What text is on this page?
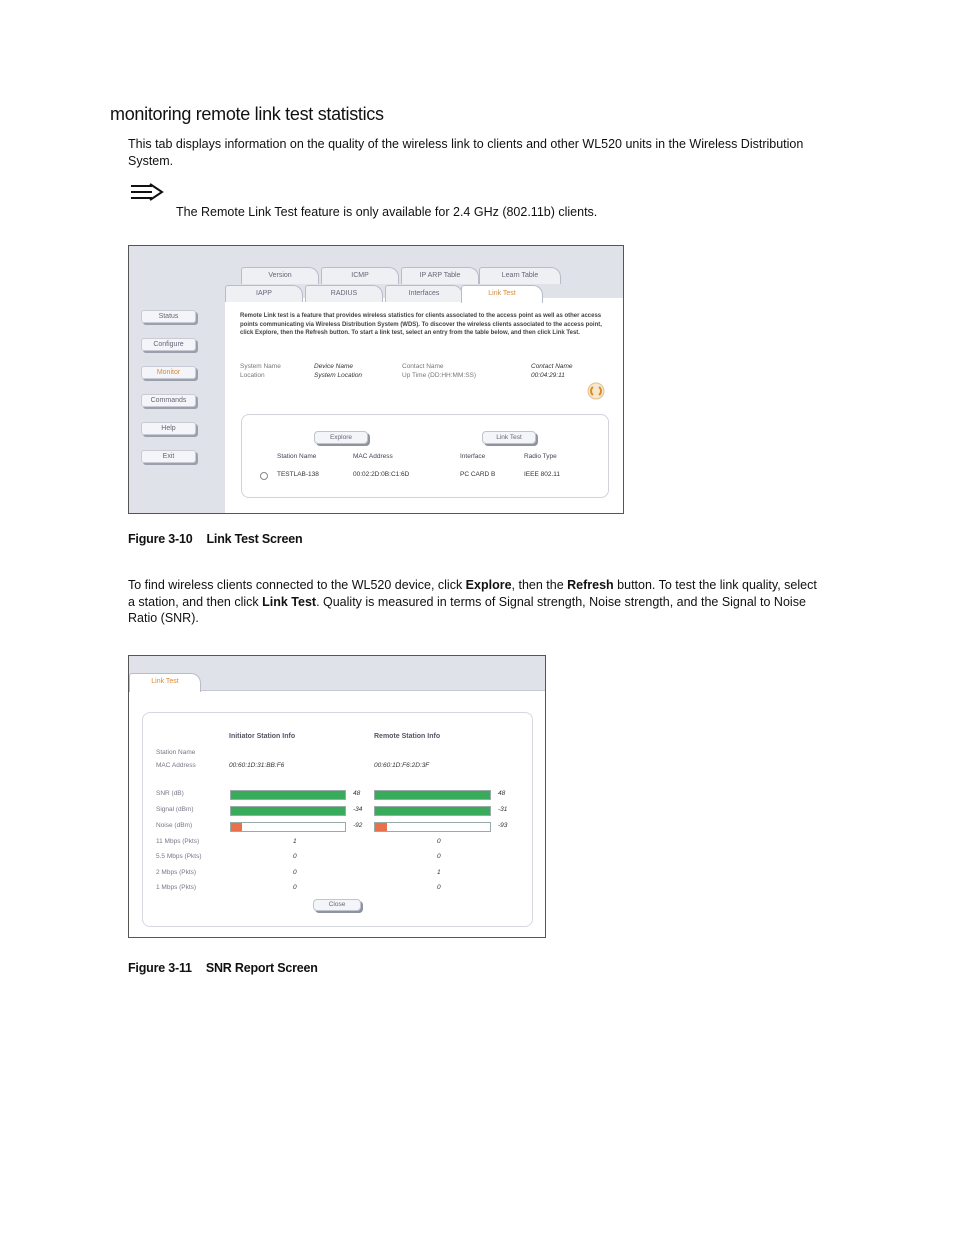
monitoring remote link test statistics
This tab displays information on the quality of the wireless link to clients and other WL520 units in the Wireless Distribution System.
The Remote Link Test feature is only available for 2.4 GHz (802.11b) clients.
Version	ICMP	IP ARP Table	Learn Table
IAPP	RADIUS	Interfaces	Link Test
Status
Configure
Monitor
Commands
Help
Exit
Remote Link test is a feature that provides wireless statistics for clients associated to the access point as well as other access points communicating via Wireless Distribution System (WDS). To discover the wireless clients associated to the access point, click Explore, then the Refresh button. To start a link test, select an entry from the table below, and then click Link Test.
System Name	Device Name	Contact Name	Contact Name
Location	System Location	Up Time (DD:HH:MM:SS)	00:04:29:11
Explore	Link Test
Station Name	MAC Address	Interface	Radio Type
TESTLAB-138	00:02:2D:0B:C1:6D	PC CARD B	IEEE 802.11
Figure 3-10 Link Test Screen
To find wireless clients connected to the WL520 device, click Explore, then the Refresh button. To test the link quality, select a station, and then click Link Test. Quality is measured in terms of Signal strength, Noise strength, and the Signal to Noise Ratio (SNR).
Link Test
Initiator Station Info	Remote Station Info
Station Name
MAC Address	00:60:1D:31:BB:F6	00:60:1D:F6:2D:3F
SNR (dB)	48	48
Signal (dBm)	-34	-31
Noise (dBm)	-92	-93
11 Mbps (Pkts)	1	0
5.5 Mbps (Pkts)	0	0
2 Mbps (Pkts)	0	1
1 Mbps (Pkts)	0	0
Close
Figure 3-11 SNR Report Screen
